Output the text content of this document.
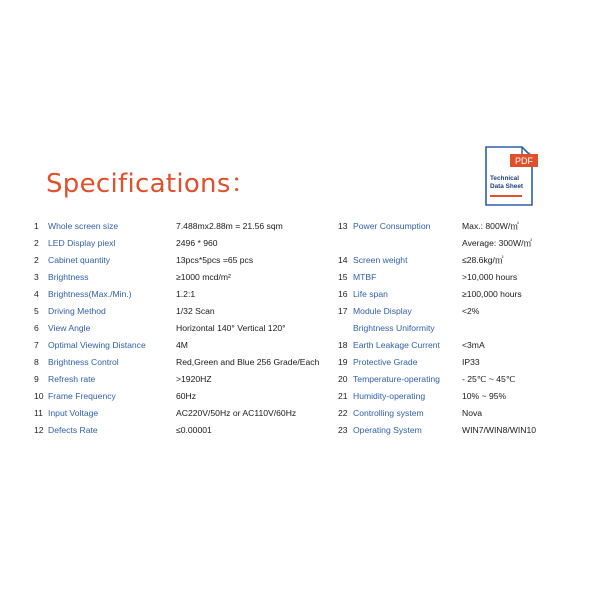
Specifications：
PDF
Technical
Data Sheet
1 Whole screen size	7.488mx2.88m = 21.56 sqm
2 LED Display piexl	2496 * 960
2 Cabinet quantity	13pcs*5pcs =65 pcs
3 Brightness	≥1000 mcd/m²
4 Brightness(Max./Min.)	1.2:1
5 Driving Method	1/32 Scan
6 View Angle	Horizontal 140° Vertical 120°
7 Optimal Viewing Distance	4M
8 Brightness Control	Red,Green and Blue 256 Grade/Each
9 Refresh rate	>1920HZ
10 Frame Frequency	60Hz
11 Input Voltage	AC220V/50Hz or AC110V/60Hz
12 Defects Rate	≤0.00001
13 Power Consumption	Max.: 800W/㎡
Average: 300W/㎡
14 Screen weight	≤28.6kg/㎡
15 MTBF	>10,000 hours
16 Life span	≥100,000 hours
17 Module Display	<2%
Brightness Uniformity
18 Earth Leakage Current	<3mA
19 Protective Grade	IP33
20 Temperature-operating	- 25℃ ~ 45℃
21 Humidity-operating	10% ~ 95%
22 Controlling system	Nova
23 Operating System	WIN7/WIN8/WIN10
